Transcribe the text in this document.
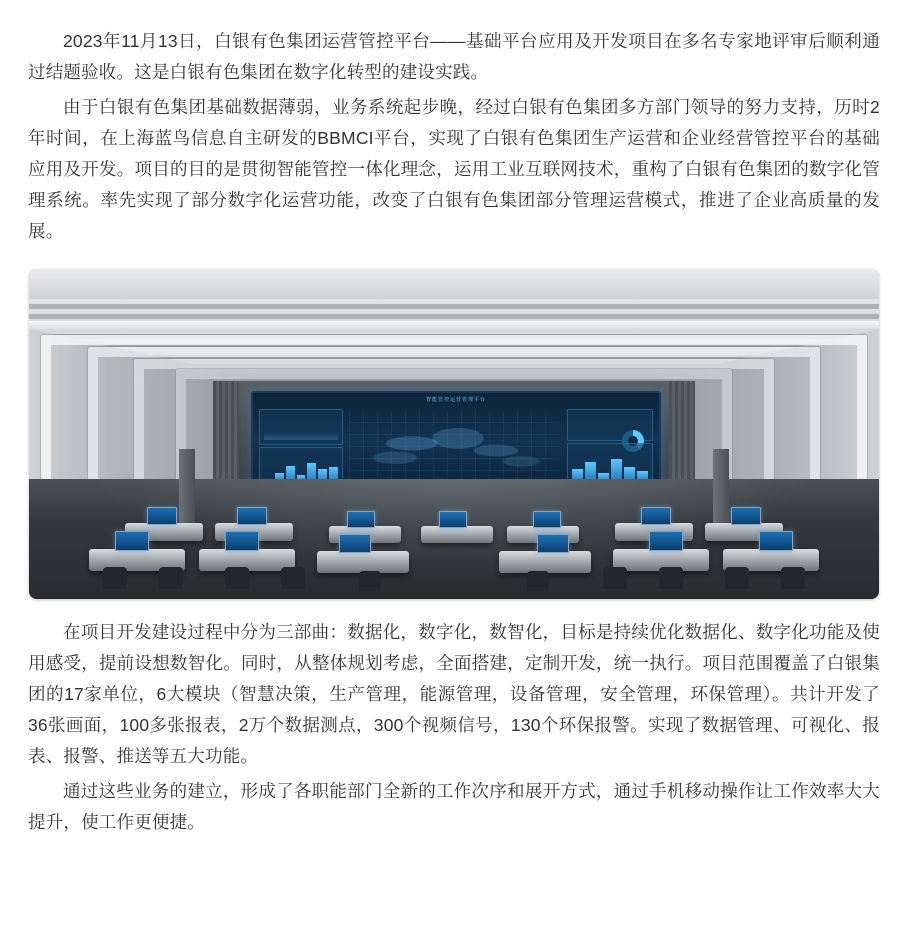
2023年11月13日，白银有色集团运营管控平台——基础平台应用及开发项目在多名专家地评审后顺利通过结题验收。这是白银有色集团在数字化转型的建设实践。

由于白银有色集团基础数据薄弱，业务系统起步晚，经过白银有色集团多方部门领导的努力支持，历时2年时间，在上海蓝鸟信息自主研发的BBMCI平台，实现了白银有色集团生产运营和企业经营管控平台的基础应用及开发。项目的目的是贯彻智能管控一体化理念，运用工业互联网技术，重构了白银有色集团的数字化管理系统。率先实现了部分数字化运营功能，改变了白银有色集团部分管理运营模式，推进了企业高质量的发展。

智能管控运营管理平台

在项目开发建设过程中分为三部曲：数据化，数字化，数智化，目标是持续优化数据化、数字化功能及使用感受，提前设想数智化。同时，从整体规划考虑，全面搭建，定制开发，统一执行。项目范围覆盖了白银集团的17家单位，6大模块（智慧决策，生产管理，能源管理，设备管理，安全管理，环保管理）。共计开发了36张画面，100多张报表，2万个数据测点，300个视频信号，130个环保报警。实现了数据管理、可视化、报表、报警、推送等五大功能。

通过这些业务的建立，形成了各职能部门全新的工作次序和展开方式，通过手机移动操作让工作效率大大提升，使工作更便捷。
